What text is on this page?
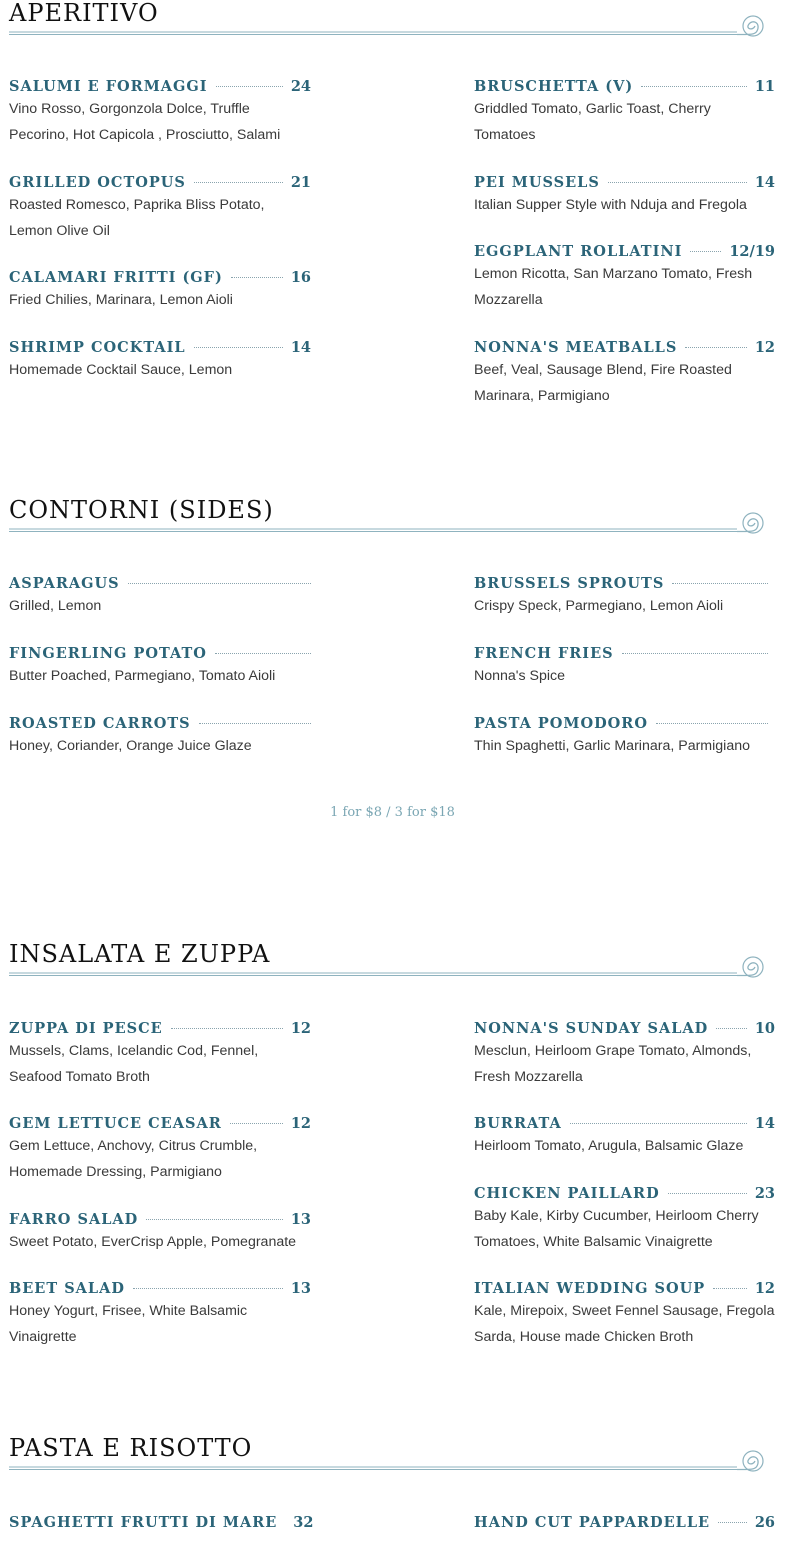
APERITIVO
SALUMI E FORMAGGI	24
Vino Rosso, Gorgonzola Dolce, Truffle Pecorino, Hot Capicola , Prosciutto, Salami
GRILLED OCTOPUS	21
Roasted Romesco, Paprika Bliss Potato, Lemon Olive Oil
CALAMARI FRITTI (GF)	16
Fried Chilies, Marinara, Lemon Aioli
SHRIMP COCKTAIL	14
Homemade Cocktail Sauce, Lemon
BRUSCHETTA (V)	11
Griddled Tomato, Garlic Toast, Cherry Tomatoes
PEI MUSSELS	14
Italian Supper Style with Nduja and Fregola
EGGPLANT ROLLATINI	12/19
Lemon Ricotta, San Marzano Tomato, Fresh Mozzarella
NONNA'S MEATBALLS	12
Beef, Veal, Sausage Blend, Fire Roasted Marinara, Parmigiano
CONTORNI (SIDES)
ASPARAGUS
Grilled, Lemon
FINGERLING POTATO
Butter Poached, Parmegiano, Tomato Aioli
ROASTED CARROTS
Honey, Coriander, Orange Juice Glaze
BRUSSELS SPROUTS
Crispy Speck, Parmegiano, Lemon Aioli
FRENCH FRIES
Nonna's Spice
PASTA POMODORO
Thin Spaghetti, Garlic Marinara, Parmigiano
1 for $8 / 3 for $18
INSALATA E ZUPPA
ZUPPA DI PESCE	12
Mussels, Clams, Icelandic Cod, Fennel, Seafood Tomato Broth
GEM LETTUCE CEASAR	12
Gem Lettuce, Anchovy, Citrus Crumble, Homemade Dressing, Parmigiano
FARRO SALAD	13
Sweet Potato, EverCrisp Apple, Pomegranate
BEET SALAD	13
Honey Yogurt, Frisee, White Balsamic Vinaigrette
NONNA'S SUNDAY SALAD	10
Mesclun, Heirloom Grape Tomato, Almonds, Fresh Mozzarella
BURRATA	14
Heirloom Tomato, Arugula, Balsamic Glaze
CHICKEN PAILLARD	23
Baby Kale, Kirby Cucumber, Heirloom Cherry Tomatoes, White Balsamic Vinaigrette
ITALIAN WEDDING SOUP	12
Kale, Mirepoix, Sweet Fennel Sausage, Fregola Sarda, House made Chicken Broth
PASTA E RISOTTO
SPAGHETTI FRUTTI DI MARE 32	HAND CUT PAPPARDELLE	26
